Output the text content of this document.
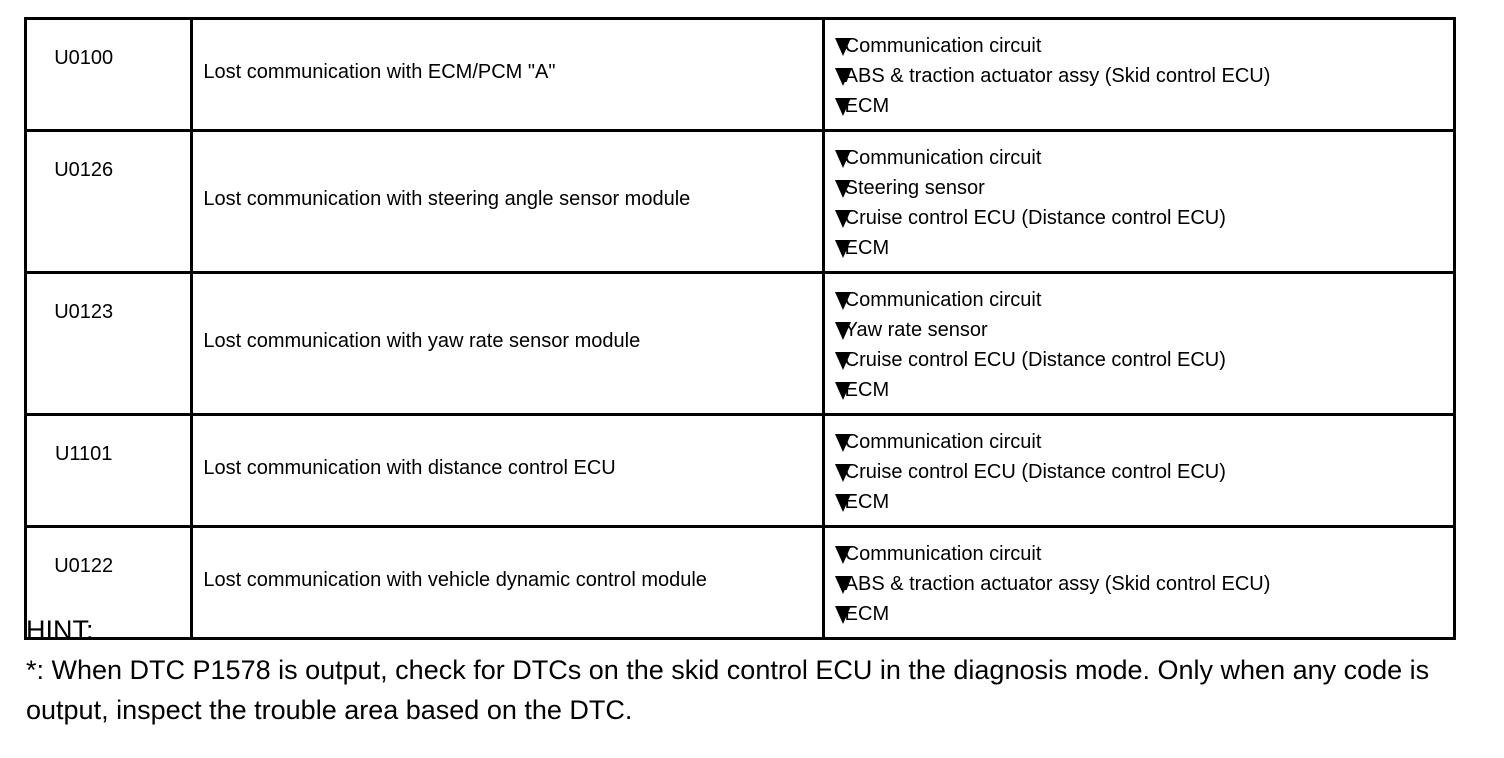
U0100	Lost communication with ECM/PCM "A"	Communication circuit
ABS & traction actuator assy (Skid control ECU)
ECM

U0126	Lost communication with steering angle sensor module	Communication circuit
Steering sensor
Cruise control ECU (Distance control ECU)
ECM

U0123	Lost communication with yaw rate sensor module	Communication circuit
Yaw rate sensor
Cruise control ECU (Distance control ECU)
ECM

U1101	Lost communication with distance control ECU	Communication circuit
Cruise control ECU (Distance control ECU)
ECM

U0122	Lost communication with vehicle dynamic control module	Communication circuit
ABS & traction actuator assy (Skid control ECU)
ECM

HINT:

*: When DTC P1578 is output, check for DTCs on the skid control ECU in the diagnosis mode. Only when any code is output, inspect the trouble area based on the DTC.
